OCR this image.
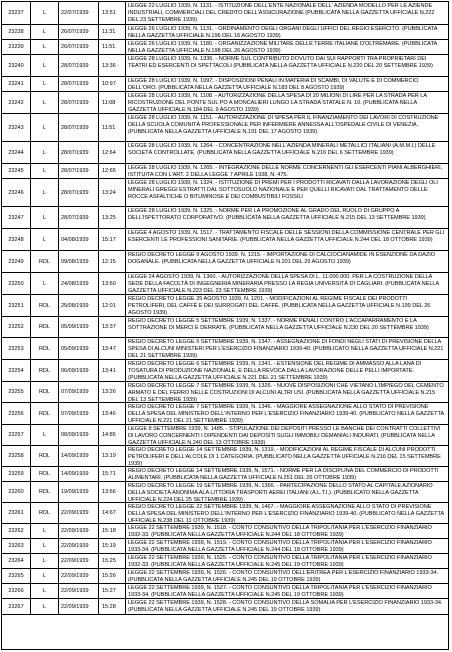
23237	L	22/07/1939	13:51
LEGGE 22 LUGLIO 1939, N. 1131. - ISTITUZIONE DELL'ENTE NAZIONALE DELL' AZIENDA MODELLO PER LE AZIENDE INDUSTRIALI, COMMERCIALI DEL CREDITO DELL'ASSICURAZIONE (PUBBLICATA NELLA GAZZETTA UFFICIALE N.222 DEL 23 SETTEMBRE 1939)
23238	L	26/07/1939	11:31	LEGGE 26 LUGLIO 1939, N. 1131. - ORDINAMENTO DEGLI ORGANI DEGLI UFFICI DEL REGIO ESERCITO. (PUBBLICATA NELLA GAZZETTA UFFICIALE N.196 DEL 16 AGOSTO 1939)
23239	L	26/07/1939	11:51	LEGGE 26 LUGLIO 1939, N. 1180. - ORGANIZZAZIONE MILITARE DELLE TERRE ITALIANE D'OLTREMARE. (PUBBLICATA NELLA GAZZETTA UFFICIALE N.198 DEL 26 AGOSTO 1939)
23240	L	28/07/1939	13:36
LEGGE 28 LUGLIO 1939, N. 1336. - NORME SUL CONTRIBUTO DOVUTO DAI SUI RAPPORTI TRA PROPRIETARI DEI TEATRI ED ESERCENTI DI SPETTACOLI (PUBBLICATA NELLA GAZZETTA UFFICIALE N.220 DEL 20 SETTEMBRE 1939)
23241	L	28/07/1939	10:97	LEGGE 28 LUGLIO 1939, N. 1097. - DISPOSIZIONI PENALI IN MATERIA DI SCAMBI, DI VALUTE E DI COMMERCIO DELL'ORO. (PUBBLICATA NELLA GAZZETTA UFFICIALE N.183 DEL 8 AGOSTO 1939)
23242	L	28/07/1939	11:08
LEGGE 28 LUGLIO 1939, N. 1108. - AUTORIZZAZIONE DELLA SPESA DI 20 MILIONI DI LIRE PER LA STRADA PER LA RICOSTRUZIONE DEL PONTE SUL PO A MONCALIERI LUNGO LA STRADA STATALE N. 10. (PUBBLICATA NELLA GAZZETTA UFFICIALE N.184 DEL 9 AGOSTO 1939)
23243	L	28/07/1939	11:51
LEGGE 28 LUGLIO 1939, N. 1151. - AUTORIZZAZIONE DI SPESA PER IL FINANZIAMENTO DEI LAVORI DI COSTRUZIONE DELLA SCUOLA COMUNITÀ PROFESSIONALE PER INFERMIERE ANNESSA ALL'OSPEDALE CIVILE DI VENEZIA. (PUBBLICATA NELLA GAZZETTA UFFICIALE N.191 DEL 17 AGOSTO 1939)
23244	L	28/07/1939	12:64
LEGGE 28 LUGLIO 1939, N. 1264. - CONCENTRAZIONE NELL'AZIENDA MINERALI METALLICI ITALIANI (A.M.M.I.) DELLE SOCIETÀ CONTROLLATE. (PUBBLICATA NELLA GAZZETTA UFFICIALE N.216 DEL 6 SETTEMBRE 1939)
23245	L	28/07/1939	12:65	LEGGE 28 LUGLIO 1939, N. 1265. - INTEGRAZIONE DELLE NORME CONCERNENTI GLI ESERCENTI PIANI ALBERGHIERI, ISTITUITA CON L'ART. 2 DELLA LEGGE 7 APRILE 1938, N. 475.
23246	L	28/07/1939	13:24
LEGGE 28 LUGLIO 1939, N. 1324. - ISTITUZIONE DI PREMI PER I PRODOTTI RICAVATI DALLA LAVORAZIONE DEGLI OLI MINERALI GREGGI ESTRATTI DAL SOTTOSUOLO NAZIONALE E PER QUELLI RICAVATI DAL TRATTAMENTO DELLE ROCCE ASFALTICHE O BITUMINOSE E DEI COMBUSTIBILI FOSSILI
23247	L	28/07/1939	13:25
LEGGE 28 LUGLIO 1939, N. 1325. - NORME PER LA PROMOZIONE AL GRADO DEL RUOLO DI GRUPPO A DELL'ISPETTORATO CORPORATIVO. (PUBBLICATA NELLA GAZZETTA UFFICIALE N.215 DEL 13 SETTEMBRE 1939)
23248	L	04/08/1939	15:17
LEGGE 4 AGOSTO 1939, N. 1517. - TRATTAMENTO FISCALE DELLE SESSIONI DELLA COMMISSIONE CENTRALE PER GLI ESERCENTI LE PROFESSIONI SANITARIE. (PUBBLICATA NELLA GAZZETTA UFFICIALE N.244 DEL 18 OTTOBRE 1939)
23249	RDL	09/08/1939	12:15
REGIO DECRETO LEGGE 9 AGOSTO 1939, N. 1215. - IMPORTAZIONE DI CALCIOCIANAMIDE IN ESENZIONE DA DAZIO DOGANALE. (PUBBLICATA NELLA GAZZETTA UFFICIALE N.201 DEL 29 AGOSTO 1939)
23250	L	24/08/1939	13:60
LEGGE 24 AGOSTO 1939, N. 1360. - AUTORIZZAZIONE DELLA SPESA DI L. 11.000.000. PER LA COSTRUZIONE DELLA SEDE DELLA FACOLTÀ DI INGEGNERIA MINERARIA PRESSO LA REGIA UNIVERSITÀ DI CAGLIARI. (PUBBLICATA NELLA GAZZETTA UFFICIALE N.223 DEL 23 SETTEMBRE 1939)
23251	RDL	25/08/1939	12:01
REGIO DECRETO LEGGE 25 AGOSTO 1939, N. 1201. - MODIFICAZIONI AL REGIME FISCALE DEI PRODOTTI PETROLIFERI, DEL CAFFÈ E DEI SURROGATI DEL CAFFÈ. (PUBBLICATA NELLA GAZZETTA UFFICIALE N.199 DEL 26 AGOSTO 1939)
23252	RDL	05/09/1939	13:37
REGIO DECRETO LEGGE 5 SETTEMBRE 1939, N. 1337. - NORME PENALI CONTRO L'ACCAPARRAMENTO E LA SOTTRAZIONE DI MERCI E DERRATE. (PUBBLICATA NELLA GAZZETTA UFFICIALE N.230 DEL 20 SETTEMBRE 1939)
23253	RDL	05/09/1939	13:47
REGIO DECRETO LEGGE 5 SETTEMBRE 1939, N. 1347. - ASSEGNAZIONE DI FONDI NEGLI STATI DI PREVISIONE DELLA SPESA DI ALCUNI MINISTERI PER L'ESERCIZIO FINANZIARIO 1939-40. (PUBBLICATO NELLA GAZZETTA UFFICIALE N.221 DEL 21 SETTEMBRE 1939)
23254	RDL	06/09/1939	13:41
REGIO DECRETO LEGGE 6 SETTEMBRE 1939, N. 1341. - ESTENSIONE DEL REGIME DI AMMASSO ALLA LANA DI TOSATURA DI PRODUZIONE NAZIONALE, E DELLA REVOCA DALLA LAVORAZIONE DELLE PELLI IMPORTATE. (PUBBLICATA NELLA GAZZETTA UFFICIALE N.221 DEL 21 SETTEMBRE 1939)
23255	RDL	07/09/1939	13:26
REGIO DECRETO LEGGE 7 SETTEMBRE 1939, N. 1326. - NUOVE DISPOSIZIONI CHE VIETANO L'IMPIEGO DEL CEMENTO ARMATO E DEL FERRO NELLE COSTRUZIONI DI ALCUNI ALTRI USI. (PUBBLICATA NELLA GAZZETTA UFFICIALE N.215 DEL 13 SETTEMBRE 1939)
23256	RDL	07/09/1939	13:46
REGIO DECRETO LEGGE 7 SETTEMBRE 1939, N. 1346. - MAGGIORE ASSEGNAZIONE ALLO STATO DI PREVISIONE DELLA SPESA DEL MINISTERO DELL'INTERNO PER L'ESERCIZIO FINANZIARIO 1939-40. (PUBBLICATO NELLA GAZZETTA UFFICIALE N.221 DEL 21 SETTEMBRE 1939)
23257	L	08/09/1939	14:85
LEGGE 8 SETTEMBRE 1939, N. 1485. - STIPULAZIONE DEI DEPOSITI PRESSO LE BANCHE DEI CONTRATTI COLLETTIVI DI LAVORO CONCERNENTI I DIPENDENTI DAI DEPOSITI SUGLI IMMOBILI DEMANIALI INDURATI. (PUBBLICATA NELLA GAZZETTA UFFICIALE N.240 DEL 13 OTTOBRE 1939)
23258	RDL	14/09/1939	13:19
REGIO DECRETO LEGGE 14 SETTEMBRE 1939, N. 1319. - MODIFICAZIONI AL REGIME FISCALE DI ALCUNI PRODOTTI PETROLIFERI E DELL'ALCOLE DI 1 CATEGORIA. (PUBBLICATO NELLA GAZZETTA UFFICIALE N.216 DEL 15 SETTEMBRE 1939)
23259	RDL	14/09/1939	15:71	REGIO DECRETO LEGGE 14 SETTEMBRE 1939, N. 1571. - NORME PER LA DISCIPLINA DEL COMMERCIO DI PRODOTTI ALIMENTARI. (PUBBLICATA NELLA GAZZETTA UFFICIALE N.251 DEL 26 OTTOBRE 1939)
23260	RDL	19/09/1939	13:66
REGIO DECRETO LEGGE 19 SETTEMBRE 1939, N. 1366. - PARTECIPAZIONE DELLO STATO AL CAPITALE AZIONARIO DELLA SOCIETÀ ANONIMA ALA LITTORIA TRASPORTI AEREI ITALIANI (A.L.T.I.). (PUBBLICATO NELLA GAZZETTA UFFICIALE N.224 DEL 25 SETTEMBRE 1939)
23261	RDL	22/09/1939	14:67
REGIO DECRETO LEGGE 22 SETTEMBRE 1939, N. 1467. - MAGGIORE ASSEGNAZIONE ALLO STATO DI PREVISIONE DELLA SPESA DEL MINISTERO DELL'INTERNO PER L'ESERCIZIO FINANZIARIO 1939-40. (PUBBLICATO NELLA GAZZETTA UFFICIALE N.238 DEL 11 OTTOBRE 1939)
23262	L	22/09/1939	15:18	LEGGE 22 SETTEMBRE 1939, N. 1518. - CONTO CONSUNTIVO DELLA TRIPOLITANIA PER L'ESERCIZIO FINANZIARIO 1932-33. (PUBBLICATA NELLA GAZZETTA UFFICIALE N.244 DEL 18 OTTOBRE 1939)
23263	L	22/09/1939	15:19	LEGGE 22 SETTEMBRE 1939, N. 1519. - CONTO CONSUNTIVO DELLA TRIPOLITANIA PER L'ESERCIZIO FINANZIARIO 1933-34. (PUBBLICATA NELLA GAZZETTA UFFICIALE N.244 DEL 18 OTTOBRE 1939)
23264	L	22/09/1939	15:25	LEGGE 22 SETTEMBRE 1939, N. 1525. - CONTO CONSUNTIVO DELLA TRIPOLITANIA PER L'ESERCIZIO FINANZIARIO 1932-33. (PUBBLICATA NELLA GAZZETTA UFFICIALE N.245 DEL 19 OTTOBRE 1939)
23265	L	22/09/1939	15:26	LEGGE 22 SETTEMBRE 1939, N. 1526. - CONTO CONSUNTIVO DELL'ERITREA PER L'ESERCIZIO FINANZIARIO 1933-34. (PUBBLICATA NELLA GAZZETTA UFFICIALE N.245 DEL 19 OTTOBRE 1939)
23266	L	22/09/1939	15:27	LEGGE 22 SETTEMBRE 1939, N. 1527. - CONTO CONSUNTIVO DELLA TRIPOLITANIA PER L'ESERCIZIO FINANZIARIO 1933-34. (PUBBLICATA NELLA GAZZETTA UFFICIALE N.245 DEL 19 OTTOBRE 1939)
23267	L	22/09/1939	15:28
LEGGE 22 SETTEMBRE 1939, N. 1528. - CONTO CONSUNTIVO DELLA SOMALIA PER L'ESERCIZIO FINANZIARIO 1933-34. (PUBBLICATA NELLA GAZZETTA UFFICIALE N.245 DEL 19 OTTOBRE 1939)
